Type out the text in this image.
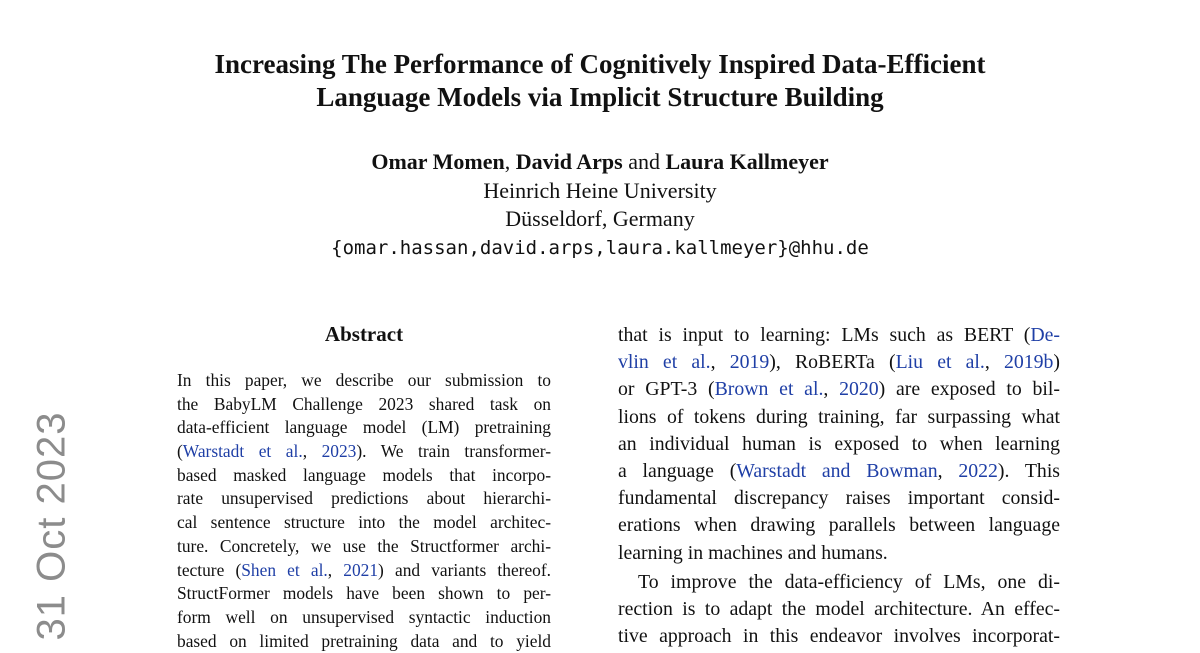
Increasing The Performance of Cognitively Inspired Data-Efficient
Language Models via Implicit Structure Building
Omar Momen, David Arps and Laura Kallmeyer
Heinrich Heine University
Düsseldorf, Germany
{omar.hassan,david.arps,laura.kallmeyer}@hhu.de
31 Oct 2023
Abstract
In this paper, we describe our submission to
the BabyLM Challenge 2023 shared task on
data-efficient language model (LM) pretraining
(Warstadt et al., 2023). We train transformer-
based masked language models that incorpo-
rate unsupervised predictions about hierarchi-
cal sentence structure into the model architec-
ture. Concretely, we use the Structformer archi-
tecture (Shen et al., 2021) and variants thereof.
StructFormer models have been shown to per-
form well on unsupervised syntactic induction
based on limited pretraining data and to yield
that is input to learning: LMs such as BERT (De-
vlin et al., 2019), RoBERTa (Liu et al., 2019b)
or GPT-3 (Brown et al., 2020) are exposed to bil-
lions of tokens during training, far surpassing what
an individual human is exposed to when learning
a language (Warstadt and Bowman, 2022). This
fundamental discrepancy raises important consid-
erations when drawing parallels between language
learning in machines and humans.
To improve the data-efficiency of LMs, one di-
rection is to adapt the model architecture. An effec-
tive approach in this endeavor involves incorporat-
